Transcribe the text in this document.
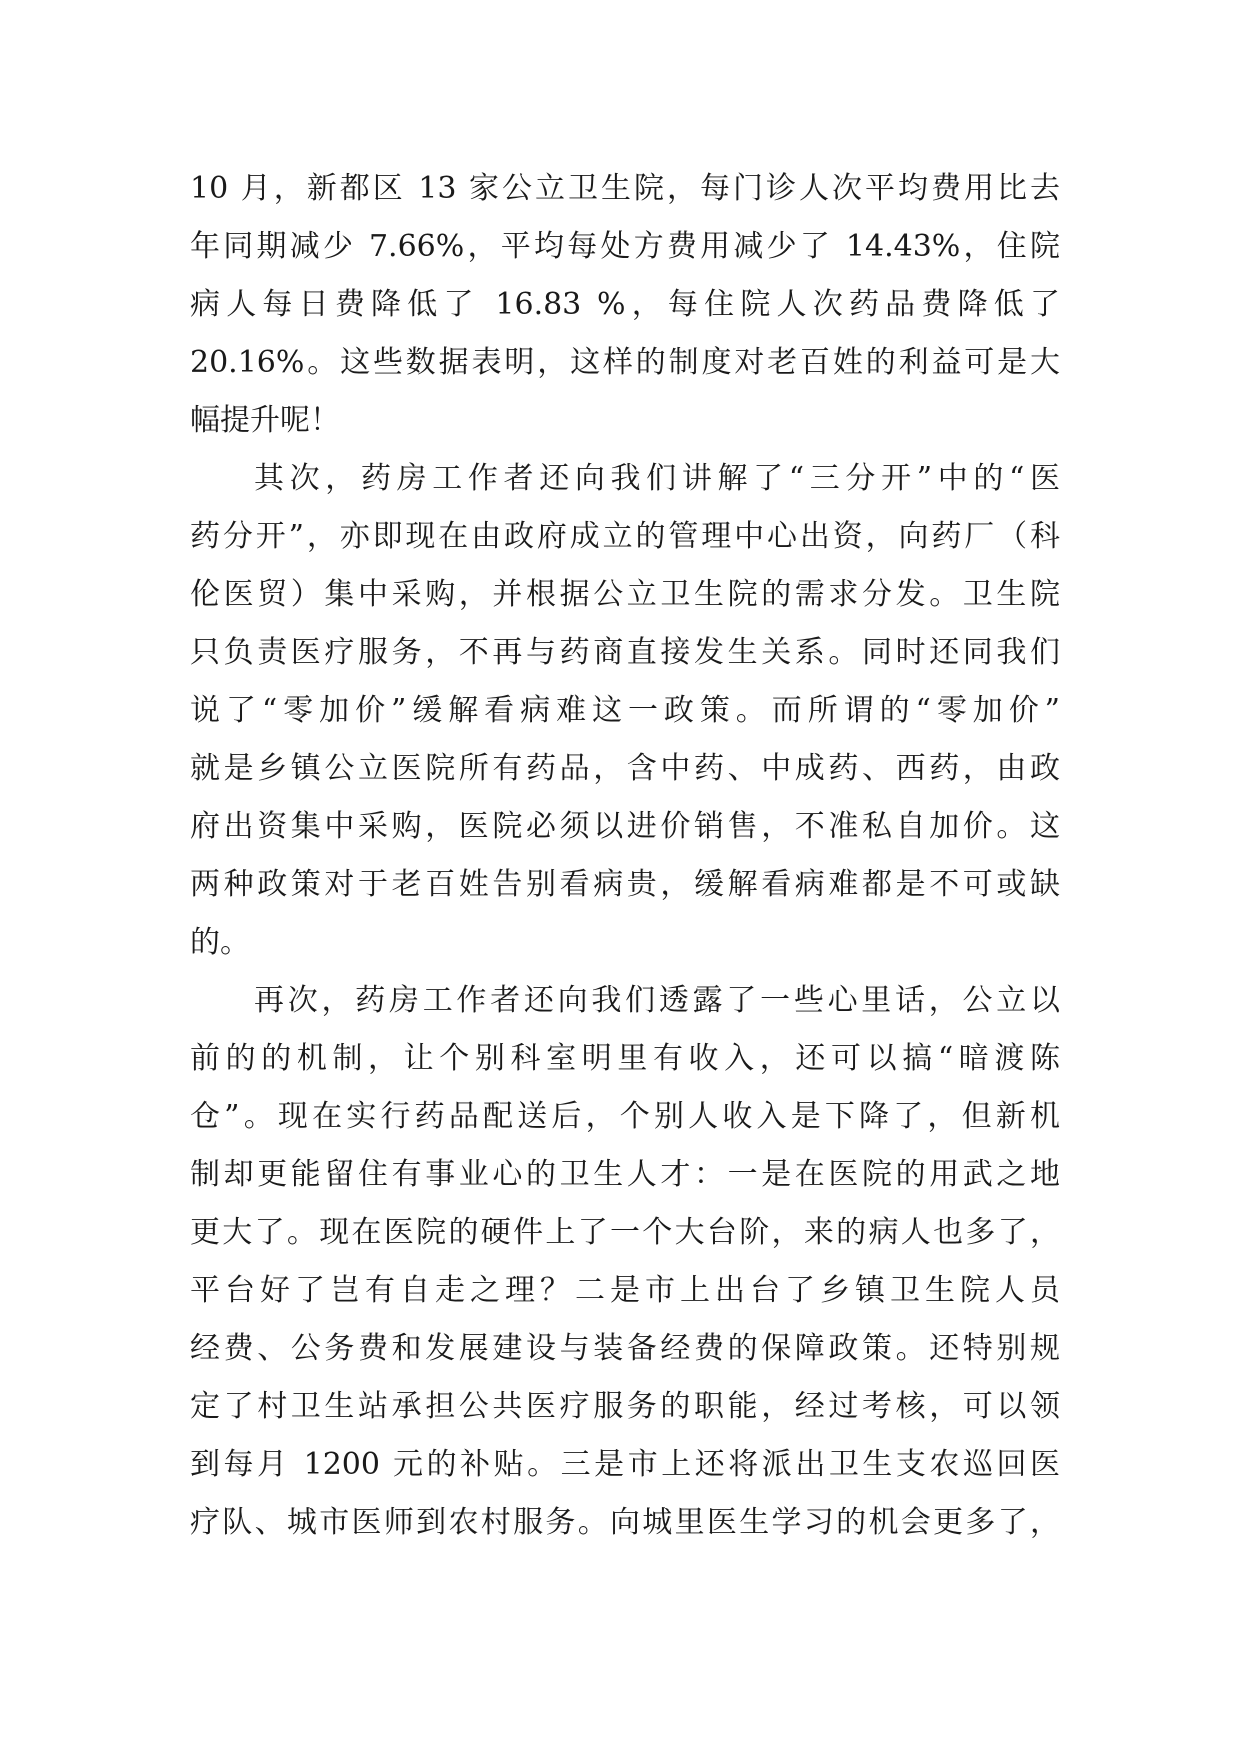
10 月，新都区 13 家公立卫生院，每门诊人次平均费用比去
年同期减少 7.66%，平均每处方费用减少了 14.43%，住院
病人每日费降低了 16.83 %，每住院人次药品费降低了
20.16%。这些数据表明，这样的制度对老百姓的利益可是大
幅提升呢！
其次，药房工作者还向我们讲解了“三分开”中的“医
药分开”，亦即现在由政府成立的管理中心出资，向药厂（科
伦医贸）集中采购，并根据公立卫生院的需求分发。卫生院
只负责医疗服务，不再与药商直接发生关系。同时还同我们
说了“零加价”缓解看病难这一政策。而所谓的“零加价”
就是乡镇公立医院所有药品，含中药、中成药、西药，由政
府出资集中采购，医院必须以进价销售，不准私自加价。这
两种政策对于老百姓告别看病贵，缓解看病难都是不可或缺
的。
再次，药房工作者还向我们透露了一些心里话，公立以
前的的机制，让个别科室明里有收入，还可以搞“暗渡陈
仓”。现在实行药品配送后，个别人收入是下降了，但新机
制却更能留住有事业心的卫生人才：一是在医院的用武之地
更大了。现在医院的硬件上了一个大台阶，来的病人也多了，
平台好了岂有自走之理？二是市上出台了乡镇卫生院人员
经费、公务费和发展建设与装备经费的保障政策。还特别规
定了村卫生站承担公共医疗服务的职能，经过考核，可以领
到每月 1200 元的补贴。三是市上还将派出卫生支农巡回医
疗队、城市医师到农村服务。向城里医生学习的机会更多了，
